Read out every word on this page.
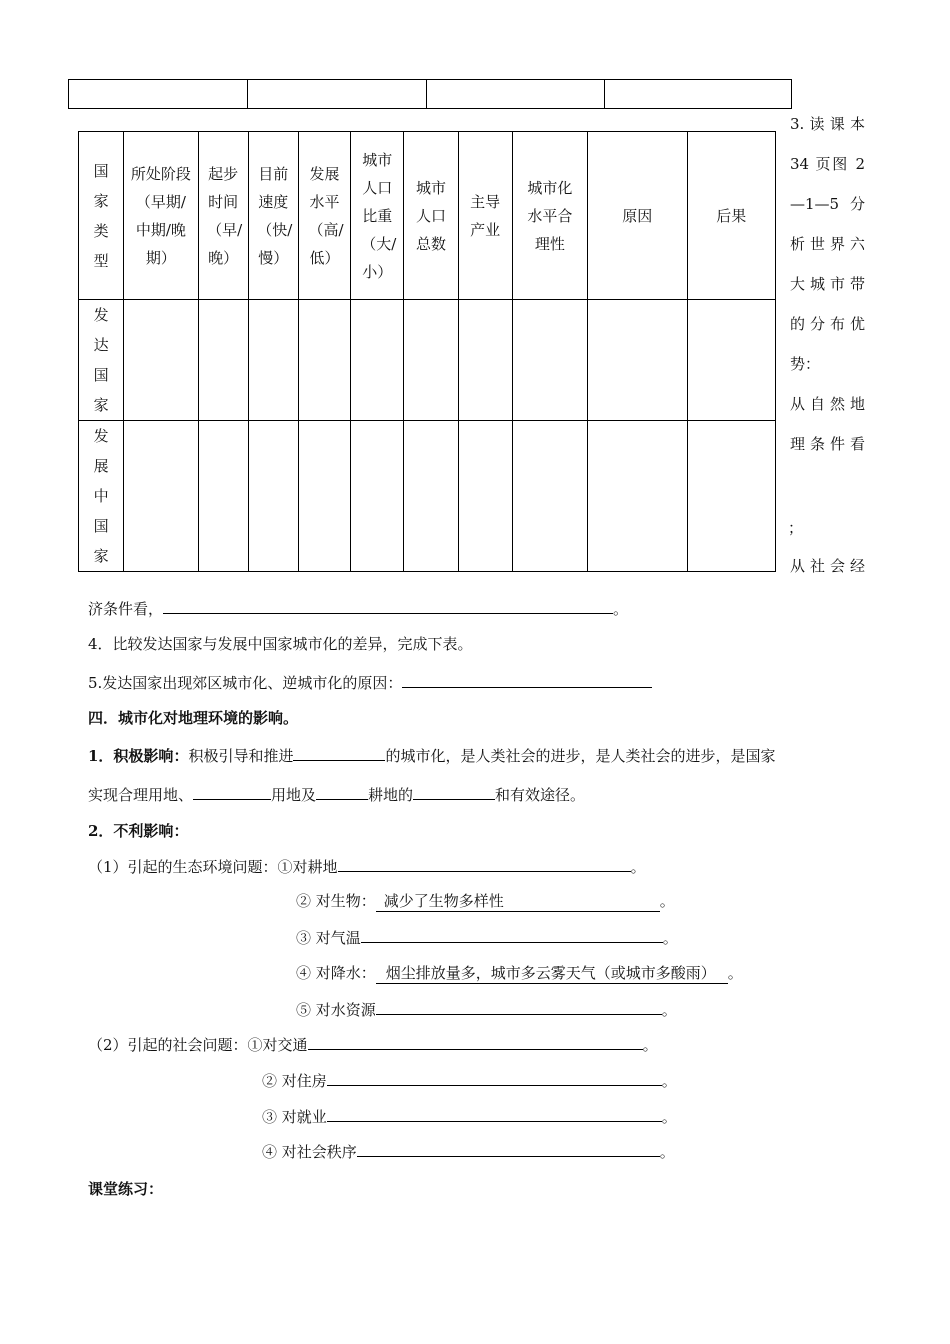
国家类型	所处阶段（早期/中期/晚期）	起步时间（早/晚）	目前速度（快/慢）	发展水平（高/低）	城市人口比重（大/小）	城市人口总数	主导产业	城市化水平合理性	原因	后果
发达国家										
发展中国家										
3.读课本
34 页图 2
—1—5 分
析世界六
大城市带
的分布优
势：
从自然地
理条件看
；
从社会经
济条件看，	。
4．比较发达国家与发展中国家城市化的差异，完成下表。
5.发达国家出现郊区城市化、逆城市化的原因：
四．城市化对地理环境的影响。
1．积极影响：积极引导和推进	的城市化，是人类社会的进步，是人类社会的进步，是国家
实现合理用地、	用地及	耕地的	和有效途径。
2．不利影响：
（1）引起的生态环境问题：①对耕地	。
② 对生物： 减少了生物多样性	。
③ 对气温	。
④ 对降水： 烟尘排放量多，城市多云雾天气（或城市多酸雨） 。
⑤ 对水资源	。
（2）引起的社会问题：①对交通	。
② 对住房	。
③ 对就业	。
④ 对社会秩序	。
课堂练习：
